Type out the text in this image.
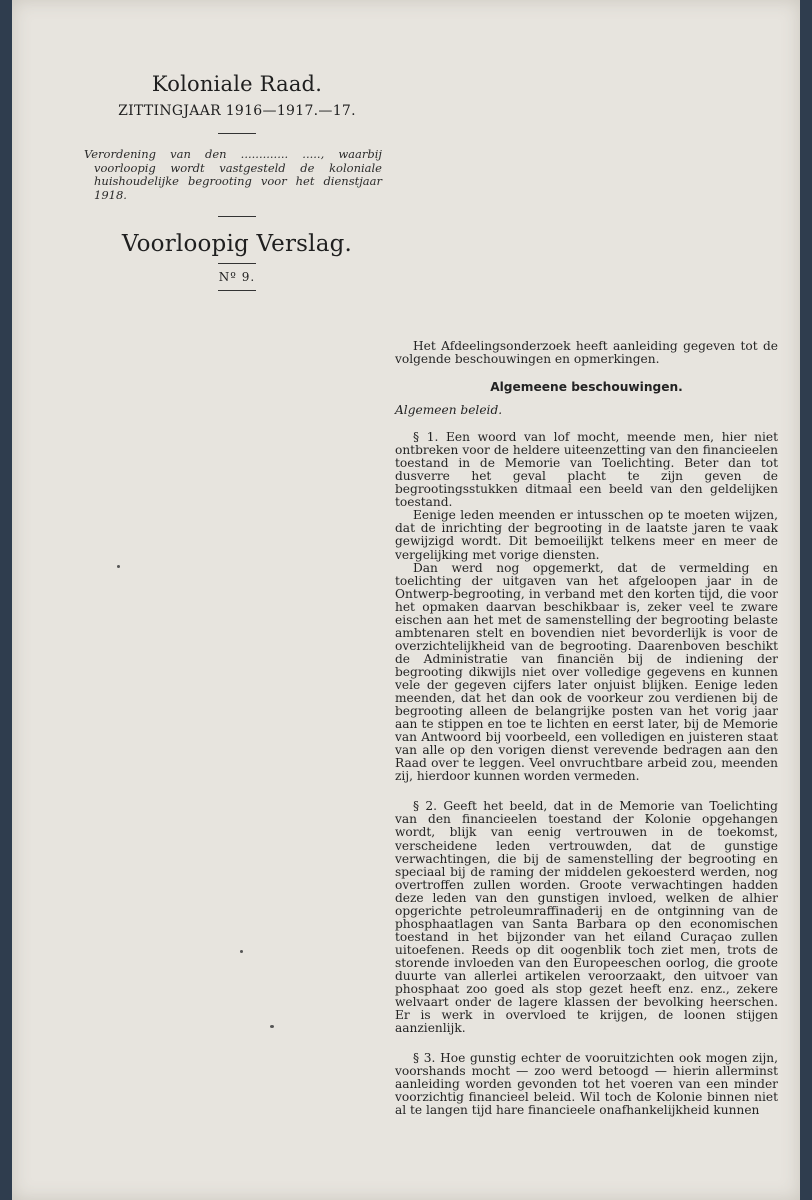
Koloniale Raad.
ZITTINGJAAR 1916—1917.—17.
Verordening van den ............. ....., waarbij voorloopig wordt vastgesteld de koloniale huishoudelijke begrooting voor het dienstjaar 1918.
Voorloopig Verslag.
Nº 9.

Het Afdeelingsonderzoek heeft aanleiding gegeven tot de volgende beschouwingen en opmerkingen.

Algemeene beschouwingen.
Algemeen beleid.

§ 1. Een woord van lof mocht, meende men, hier niet ontbreken voor de heldere uiteenzetting van den financieelen toestand in de Memorie van Toelichting. Beter dan tot dusverre het geval placht te zijn geven de begrootingsstukken ditmaal een beeld van den geldelijken toestand.

Eenige leden meenden er intusschen op te moeten wijzen, dat de inrichting der begrooting in de laatste jaren te vaak gewijzigd wordt. Dit bemoeilijkt telkens meer en meer de vergelijking met vorige diensten.

Dan werd nog opgemerkt, dat de vermelding en toelichting der uitgaven van het afgeloopen jaar in de Ontwerp-begrooting, in verband met den korten tijd, die voor het opmaken daarvan beschikbaar is, zeker veel te zware eischen aan het met de samenstelling der begrooting belaste ambtenaren stelt en bovendien niet bevorderlijk is voor de overzichtelijkheid van de begrooting. Daarenboven beschikt de Administratie van financiën bij de indiening der begrooting dikwijls niet over volledige gegevens en kunnen vele der gegeven cijfers later onjuist blijken. Eenige leden meenden, dat het dan ook de voorkeur zou verdienen bij de begrooting alleen de belangrijke posten van het vorig jaar aan te stippen en toe te lichten en eerst later, bij de Memorie van Antwoord bij voorbeeld, een volledigen en juisteren staat van alle op den vorigen dienst verevende bedragen aan den Raad over te leggen. Veel onvruchtbare arbeid zou, meenden zij, hierdoor kunnen worden vermeden.

§ 2. Geeft het beeld, dat in de Memorie van Toelichting van den financieelen toestand der Kolonie opgehangen wordt, blijk van eenig vertrouwen in de toekomst, verscheidene leden vertrouwden, dat de gunstige verwachtingen, die bij de samenstelling der begrooting en speciaal bij de raming der middelen gekoesterd werden, nog overtroffen zullen worden. Groote verwachtingen hadden deze leden van den gunstigen invloed, welken de alhier opgerichte petroleumraffinaderij en de ontginning van de phosphaatlagen van Santa Barbara op den economischen toestand in het bijzonder van het eiland Curaçao zullen uitoefenen. Reeds op dit oogenblik toch ziet men, trots de storende invloeden van den Europeeschen oorlog, die groote duurte van allerlei artikelen veroorzaakt, den uitvoer van phosphaat zoo goed als stop gezet heeft enz. enz., zekere welvaart onder de lagere klassen der bevolking heerschen. Er is werk in overvloed te krijgen, de loonen stijgen aanzienlijk.

§ 3. Hoe gunstig echter de vooruitzichten ook mogen zijn, voorshands mocht — zoo werd betoogd — hierin allerminst aanleiding worden gevonden tot het voeren van een minder voorzichtig financieel beleid. Wil toch de Kolonie binnen niet al te langen tijd hare financieele onafhankelijkheid kunnen
